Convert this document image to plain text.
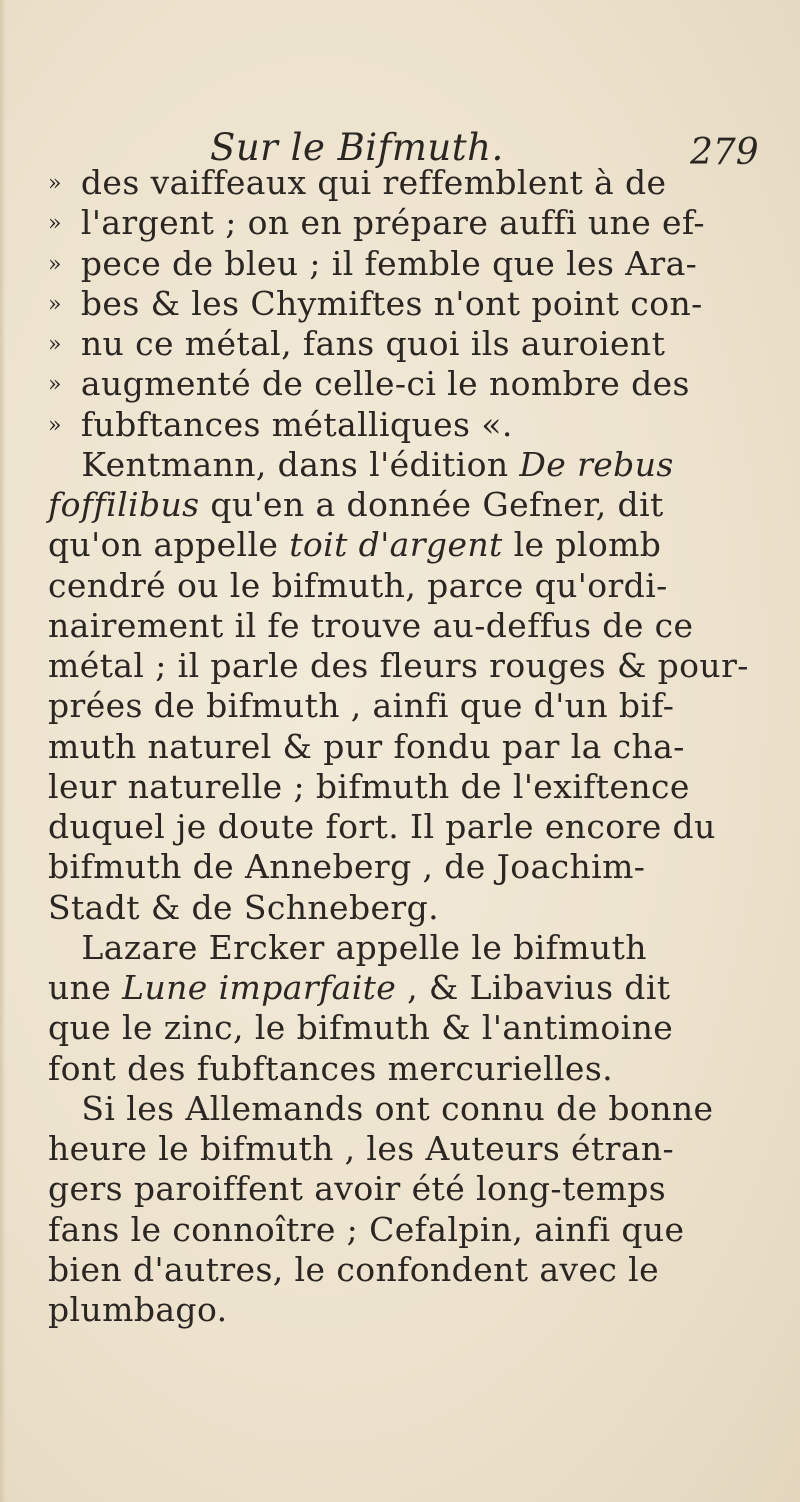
Sur le Bifmuth.	279
» des vaiffeaux qui reffemblent à de
» l'argent ; on en prépare auffi une ef-
» pece de bleu ; il femble que les Ara-
» bes & les Chymiftes n'ont point con-
» nu ce métal, fans quoi ils auroient
» augmenté de celle-ci le nombre des
» fubftances métalliques «.
 Kentmann, dans l'édition De rebus
foffilibus qu'en a donnée Gefner, dit
qu'on appelle toit d'argent le plomb
cendré ou le bifmuth, parce qu'ordi-
nairement il fe trouve au-deffus de ce
métal ; il parle des fleurs rouges & pour-
prées de bifmuth , ainfi que d'un bif-
muth naturel & pur fondu par la cha-
leur naturelle ; bifmuth de l'exiftence
duquel je doute fort. Il parle encore du
bifmuth de Anneberg , de Joachim-
Stadt & de Schneberg.
 Lazare Ercker appelle le bifmuth
une Lune imparfaite , & Libavius dit
que le zinc, le bifmuth & l'antimoine
font des fubftances mercurielles.
 Si les Allemands ont connu de bonne
heure le bifmuth , les Auteurs étran-
gers paroiffent avoir été long-temps
fans le connoître ; Cefalpin, ainfi que
bien d'autres, le confondent avec le
plumbago.
